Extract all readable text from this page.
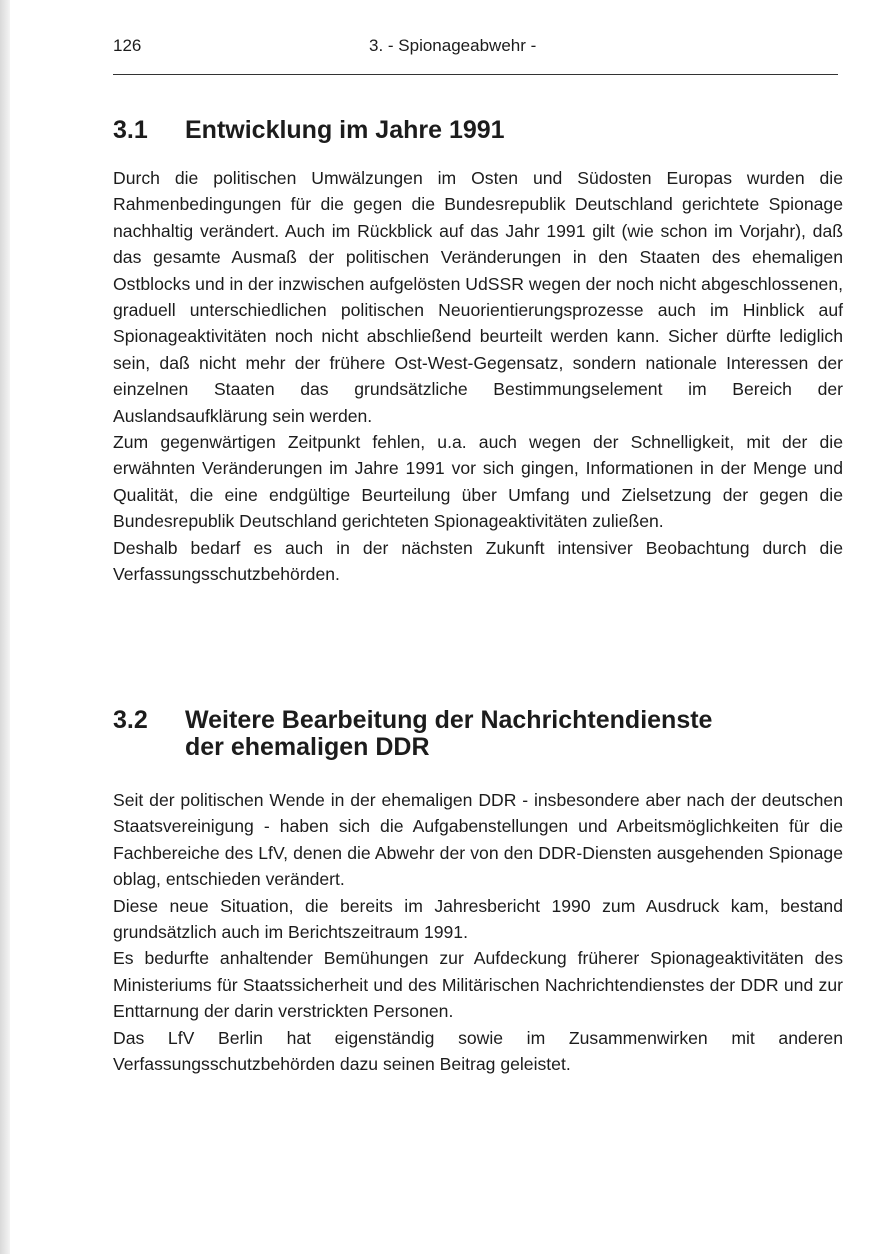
126	3. - Spionageabwehr -
3.1	Entwicklung im Jahre 1991

Durch die politischen Umwälzungen im Osten und Südosten Europas wurden die Rahmenbedingungen für die gegen die Bundesrepublik Deutschland gerichtete Spionage nachhaltig verändert. Auch im Rückblick auf das Jahr 1991 gilt (wie schon im Vorjahr), daß das gesamte Ausmaß der politischen Veränderungen in den Staaten des ehemaligen Ostblocks und in der inzwischen aufgelösten UdSSR wegen der noch nicht abgeschlossenen, graduell unterschiedlichen politischen Neuorientierungsprozesse auch im Hinblick auf Spionageaktivitäten noch nicht abschließend beurteilt werden kann. Sicher dürfte lediglich sein, daß nicht mehr der frühere Ost-West-Gegensatz, sondern nationale Interessen der einzelnen Staaten das grundsätzliche Bestimmungselement im Bereich der Auslandsaufklärung sein werden.

Zum gegenwärtigen Zeitpunkt fehlen, u.a. auch wegen der Schnelligkeit, mit der die erwähnten Veränderungen im Jahre 1991 vor sich gingen, Informationen in der Menge und Qualität, die eine endgültige Beurteilung über Umfang und Zielsetzung der gegen die Bundesrepublik Deutschland gerichteten Spionageaktivitäten zuließen.

Deshalb bedarf es auch in der nächsten Zukunft intensiver Beobachtung durch die Verfassungsschutzbehörden.

3.2	Weitere Bearbeitung der Nachrichtendienste
der ehemaligen DDR

Seit der politischen Wende in der ehemaligen DDR - insbesondere aber nach der deutschen Staatsvereinigung - haben sich die Aufgabenstellungen und Arbeitsmöglichkeiten für die Fachbereiche des LfV, denen die Abwehr der von den DDR-Diensten ausgehenden Spionage oblag, entschieden verändert.

Diese neue Situation, die bereits im Jahresbericht 1990 zum Ausdruck kam, bestand grundsätzlich auch im Berichtszeitraum 1991.

Es bedurfte anhaltender Bemühungen zur Aufdeckung früherer Spionageaktivitäten des Ministeriums für Staatssicherheit und des Militärischen Nachrichtendienstes der DDR und zur Enttarnung der darin verstrickten Personen.

Das LfV Berlin hat eigenständig sowie im Zusammenwirken mit anderen Verfassungsschutzbehörden dazu seinen Beitrag geleistet.
